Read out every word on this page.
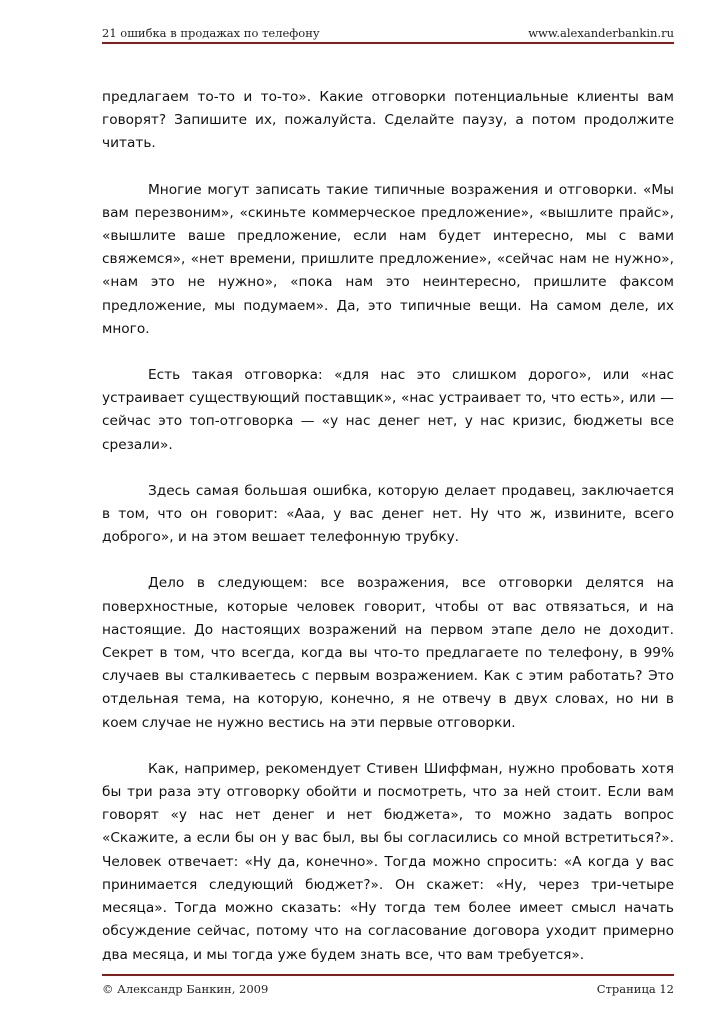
21 ошибка в продажах по телефону	www.alexanderbankin.ru

предлагаем то-то и то-то». Какие отговорки потенциальные клиенты вам говорят? Запишите их, пожалуйста. Сделайте паузу, а потом продолжите читать.

Многие могут записать такие типичные возражения и отговорки. «Мы вам перезвоним», «скиньте коммерческое предложение», «вышлите прайс», «вышлите ваше предложение, если нам будет интересно, мы с вами свяжемся», «нет времени, пришлите предложение», «сейчас нам не нужно», «нам это не нужно», «пока нам это неинтересно, пришлите факсом предложение, мы подумаем». Да, это типичные вещи. На самом деле, их много.

Есть такая отговорка: «для нас это слишком дорого», или «нас устраивает существующий поставщик», «нас устраивает то, что есть», или — сейчас это топ-отговорка — «у нас денег нет, у нас кризис, бюджеты все срезали».

Здесь самая большая ошибка, которую делает продавец, заключается в том, что он говорит: «Ааа, у вас денег нет. Ну что ж, извините, всего доброго», и на этом вешает телефонную трубку.

Дело в следующем: все возражения, все отговорки делятся на поверхностные, которые человек говорит, чтобы от вас отвязаться, и на настоящие. До настоящих возражений на первом этапе дело не доходит. Секрет в том, что всегда, когда вы что-то предлагаете по телефону, в 99% случаев вы сталкиваетесь с первым возражением. Как с этим работать? Это отдельная тема, на которую, конечно, я не отвечу в двух словах, но ни в коем случае не нужно вестись на эти первые отговорки.

Как, например, рекомендует Стивен Шиффман, нужно пробовать хотя бы три раза эту отговорку обойти и посмотреть, что за ней стоит. Если вам говорят «у нас нет денег и нет бюджета», то можно задать вопрос «Скажите, а если бы он у вас был, вы бы согласились со мной встретиться?». Человек отвечает: «Ну да, конечно». Тогда можно спросить: «А когда у вас принимается следующий бюджет?». Он скажет: «Ну, через три-четыре месяца». Тогда можно сказать: «Ну тогда тем более имеет смысл начать обсуждение сейчас, потому что на согласование договора уходит примерно два месяца, и мы тогда уже будем знать все, что вам требуется».

© Александр Банкин, 2009	Страница 12
